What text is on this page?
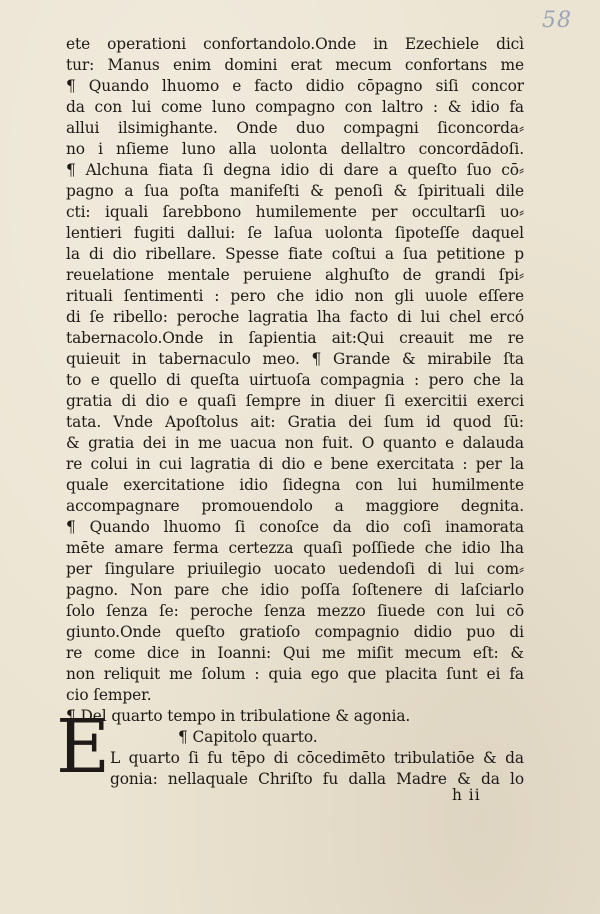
58
ete operationi confortandolo.Onde in Ezechiele dicì
tur: Manus enim domini erat mecum confortans me
¶ Quando lhuomo e facto didio cōpagno siſi concor
da con lui come luno compagno con laltro : & idio fa
allui ilsimighante. Onde duo compagni ſiconcorda⸗
no i nſieme luno alla uolonta dellaltro concordādoſi.
¶ Alchuna fiata ſi degna idio di dare a queſto ſuo cō⸗
pagno a ſua poſta manifeſti & penoſi & ſpirituali dile
cti: iquali ſarebbono humilemente per occultarſi uo⸗
lentieri fugiti dallui: ſe laſua uolonta ſipoteſſe daquel
la di dio ribellare. Spesse fiate coſtui a ſua petitione p
reuelatione mentale peruiene alghuſto de grandi ſpi⸗
rituali ſentimenti : pero che idio non gli uuole eſſere
di ſe ribello: peroche lagratia lha facto di lui chel ercó
tabernacolo.Onde in ſapientia ait:Qui creauit me re
quieuit in tabernaculo meo. ¶ Grande & mirabile ſta
to e quello di queſta uirtuoſa compagnia : pero che la
gratia di dio e quaſi ſempre in diuer ſi exercitii exerci
tata. Vnde Apoſtolus ait: Gratia dei ſum id quod ſū:
& gratia dei in me uacua non fuit. O quanto e dalauda
re colui in cui lagratia di dio e bene exercitata : per la
quale exercitatione idio ſidegna con lui humilmente
accompagnare promouendolo a maggiore degnita.
¶ Quando lhuomo ſi conoſce da dio coſi inamorata
mēte amare ferma certezza quaſi poſſiede che idio lha
per ſingulare priuilegio uocato uedendoſi di lui com⸗
pagno. Non pare che idio poſſa ſoſtenere di laſciarlo
ſolo ſenza ſe: peroche ſenza mezzo ſiuede con lui cō
giunto.Onde queſto gratioſo compagnio didio puo di
re come dice in Ioanni: Qui me miſit mecum eſt: &
non reliquit me ſolum : quia ego que placita ſunt ei fa
cio ſemper.
¶ Del quarto tempo in tribulatione & agonia.
¶ Capitolo quarto.
L quarto ſi fu tēpo di cōcedimēto tribulatiōe & da
gonia: nellaquale Chriſto fu dalla Madre & da lo
E
h ii
